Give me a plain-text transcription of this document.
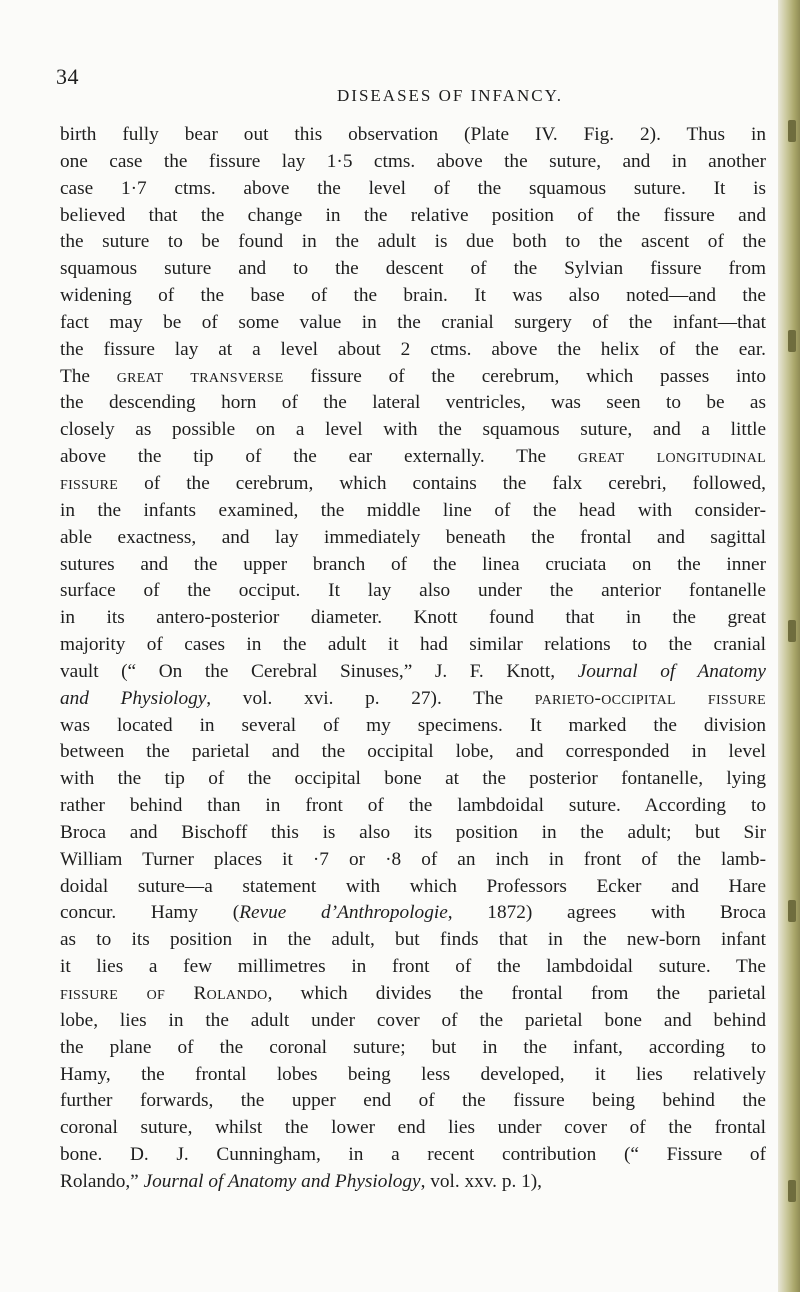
34
DISEASES OF INFANCY.
birth fully bear out this observation (Plate IV. Fig. 2). Thus in
one case the fissure lay 1·5 ctms. above the suture, and in another
case 1·7 ctms. above the level of the squamous suture. It is
believed that the change in the relative position of the fissure and
the suture to be found in the adult is due both to the ascent of the
squamous suture and to the descent of the Sylvian fissure from
widening of the base of the brain. It was also noted—and the
fact may be of some value in the cranial surgery of the infant—that
the fissure lay at a level about 2 ctms. above the helix of the ear.
The great transverse fissure of the cerebrum, which passes into
the descending horn of the lateral ventricles, was seen to be as
closely as possible on a level with the squamous suture, and a little
above the tip of the ear externally. The great longitudinal
fissure of the cerebrum, which contains the falx cerebri, followed,
in the infants examined, the middle line of the head with consider-
able exactness, and lay immediately beneath the frontal and sagittal
sutures and the upper branch of the linea cruciata on the inner
surface of the occiput. It lay also under the anterior fontanelle
in its antero-posterior diameter. Knott found that in the great
majority of cases in the adult it had similar relations to the cranial
vault (“ On the Cerebral Sinuses,” J. F. Knott, Journal of Anatomy
and Physiology, vol. xvi. p. 27). The parieto-occipital fissure
was located in several of my specimens. It marked the division
between the parietal and the occipital lobe, and corresponded in level
with the tip of the occipital bone at the posterior fontanelle, lying
rather behind than in front of the lambdoidal suture. According to
Broca and Bischoff this is also its position in the adult; but Sir
William Turner places it ·7 or ·8 of an inch in front of the lamb-
doidal suture—a statement with which Professors Ecker and Hare
concur. Hamy (Revue d’Anthropologie, 1872) agrees with Broca
as to its position in the adult, but finds that in the new-born infant
it lies a few millimetres in front of the lambdoidal suture. The
fissure of Rolando, which divides the frontal from the parietal
lobe, lies in the adult under cover of the parietal bone and behind
the plane of the coronal suture; but in the infant, according to
Hamy, the frontal lobes being less developed, it lies relatively
further forwards, the upper end of the fissure being behind the
coronal suture, whilst the lower end lies under cover of the frontal
bone. D. J. Cunningham, in a recent contribution (“ Fissure of
Rolando,” Journal of Anatomy and Physiology, vol. xxv. p. 1),
